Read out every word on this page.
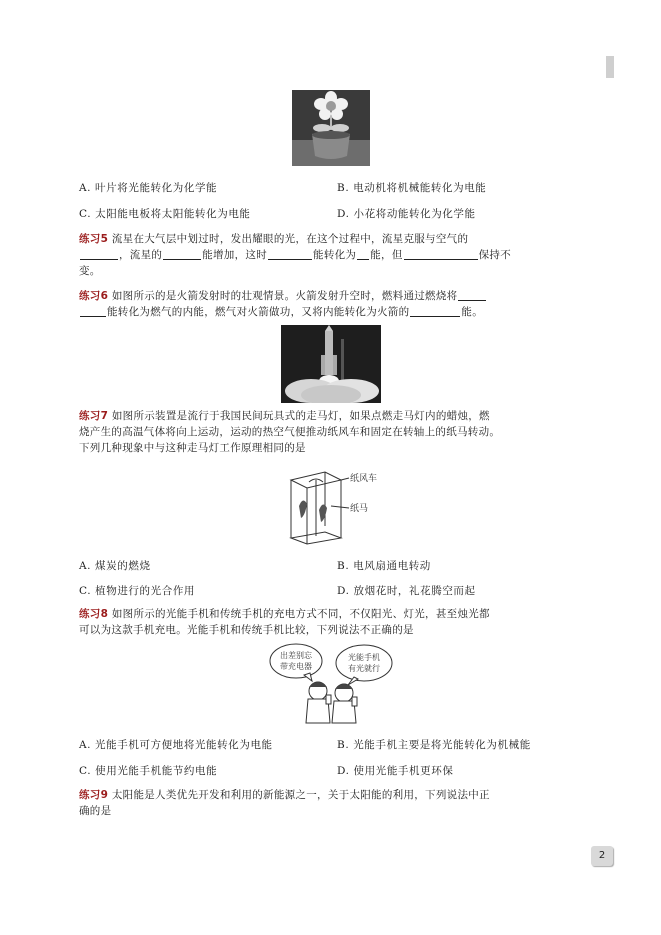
A. 叶片将光能转化为化学能	B. 电动机将机械能转化为电能
C. 太阳能电板将太阳能转化为电能	D. 小花将动能转化为化学能
练习5 流星在大气层中划过时，发出耀眼的光，在这个过程中，流星克服与空气的
，流星的	能增加，这时	能转化为 能，但	保持不
变。
练习6 如图所示的是火箭发射时的壮观情景。火箭发射升空时，燃料通过燃烧将
能转化为燃气的内能，燃气对火箭做功，又将内能转化为火箭的	能。
练习7 如图所示装置是流行于我国民间玩具式的走马灯，如果点燃走马灯内的蜡烛，燃
烧产生的高温气体将向上运动，运动的热空气便推动纸风车和固定在转轴上的纸马转动。
下列几种现象中与这种走马灯工作原理相同的是
纸风车
纸马
A. 煤炭的燃烧	B. 电风扇通电转动
C. 植物进行的光合作用	D. 放烟花时，礼花腾空而起
练习8 如图所示的光能手机和传统手机的充电方式不同，不仅阳光、灯光，甚至烛光都
可以为这款手机充电。光能手机和传统手机比较，下列说法不正确的是
出差别忘
带充电器
光能手机
有光就行
A. 光能手机可方便地将光能转化为电能	B. 光能手机主要是将光能转化为机械能
C. 使用光能手机能节约电能	D. 使用光能手机更环保
练习9 太阳能是人类优先开发和利用的新能源之一，关于太阳能的利用，下列说法中正
确的是
2
